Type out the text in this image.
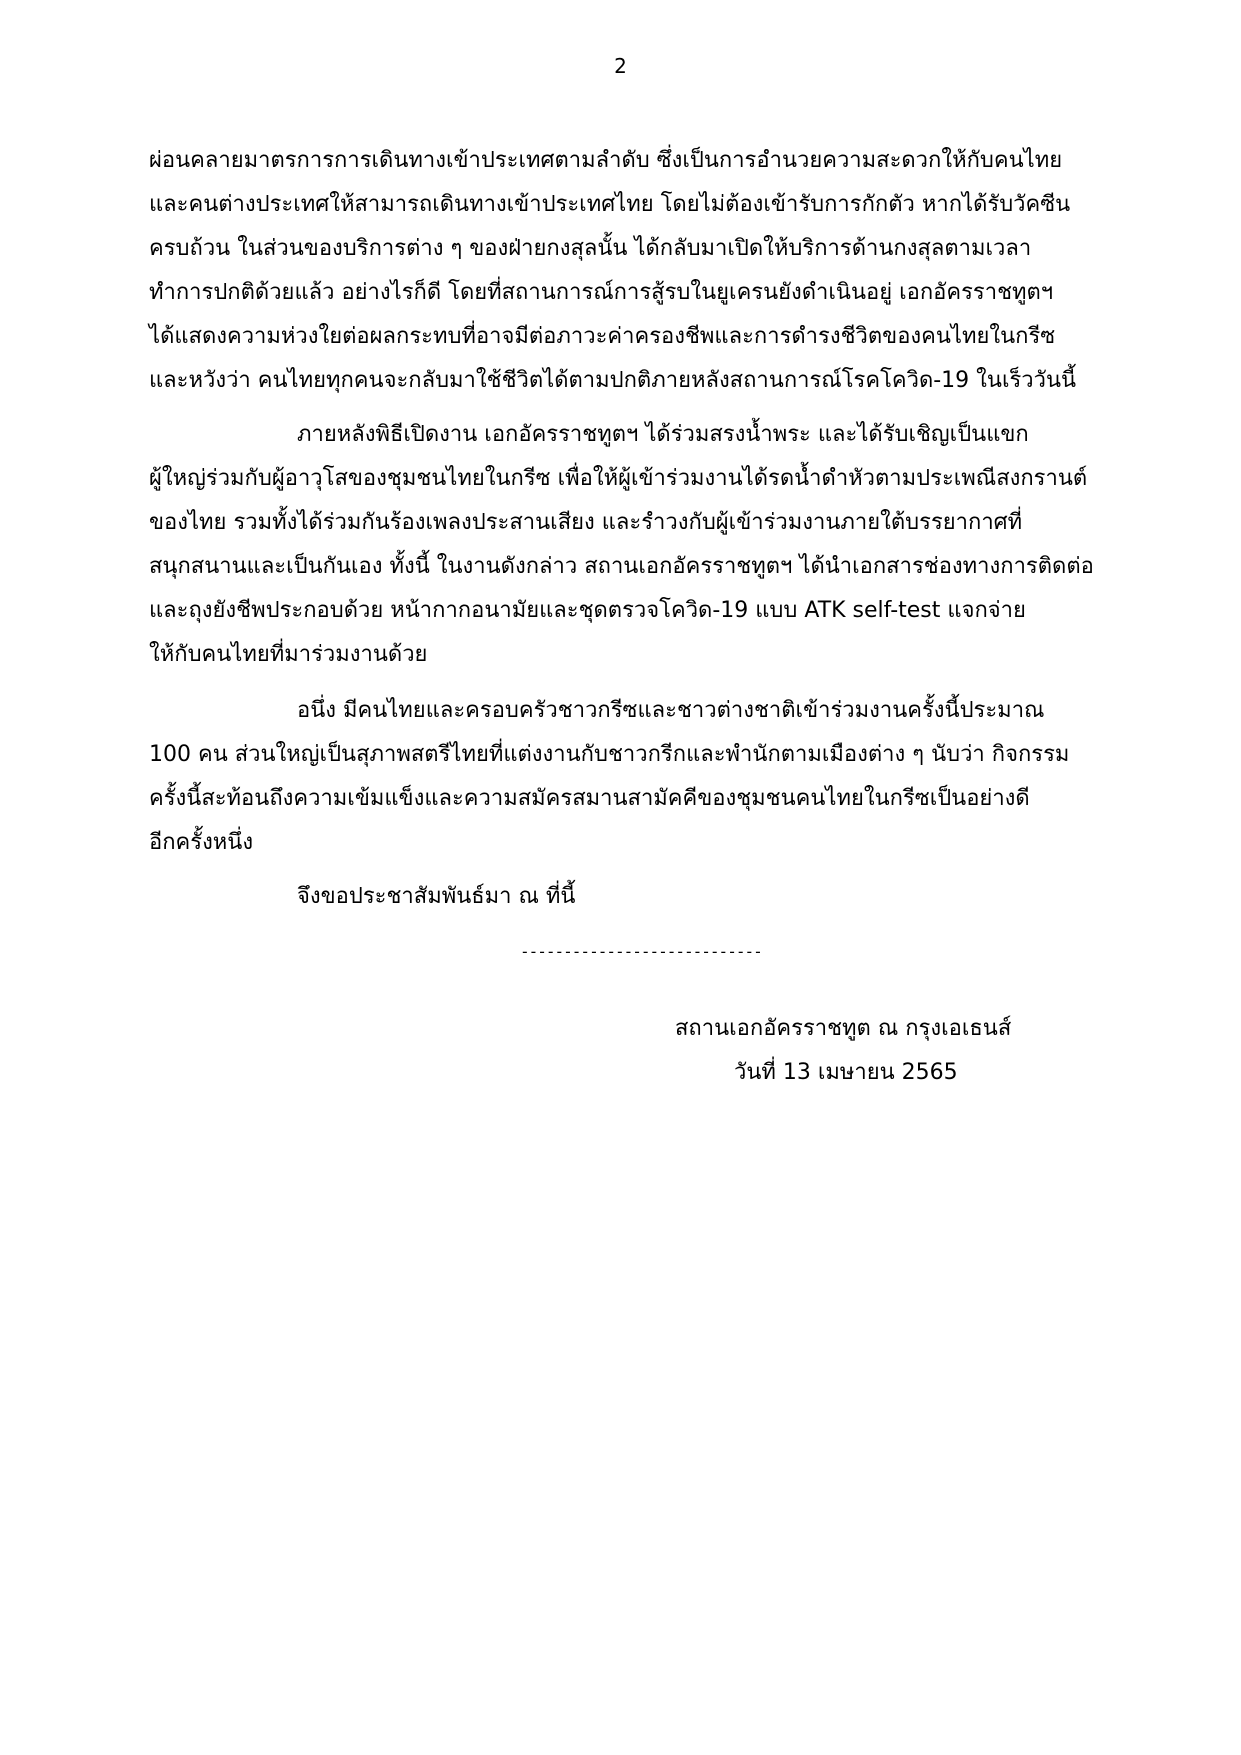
2
ผ่อนคลายมาตรการการเดินทางเข้าประเทศตามลำดับ ซึ่งเป็นการอำนวยความสะดวกให้กับคนไทย
และคนต่างประเทศให้สามารถเดินทางเข้าประเทศไทย โดยไม่ต้องเข้ารับการกักตัว หากได้รับวัคซีน
ครบถ้วน ในส่วนของบริการต่าง ๆ ของฝ่ายกงสุลนั้น ได้กลับมาเปิดให้บริการด้านกงสุลตามเวลา
ทำการปกติด้วยแล้ว อย่างไรก็ดี โดยที่สถานการณ์การสู้รบในยูเครนยังดำเนินอยู่ เอกอัครราชทูตฯ
ได้แสดงความห่วงใยต่อผลกระทบที่อาจมีต่อภาวะค่าครองชีพและการดำรงชีวิตของคนไทยในกรีซ
และหวังว่า คนไทยทุกคนจะกลับมาใช้ชีวิตได้ตามปกติภายหลังสถานการณ์โรคโควิด-19 ในเร็ววันนี้
ภายหลังพิธีเปิดงาน เอกอัครราชทูตฯ ได้ร่วมสรงน้ำพระ และได้รับเชิญเป็นแขก
ผู้ใหญ่ร่วมกับผู้อาวุโสของชุมชนไทยในกรีซ เพื่อให้ผู้เข้าร่วมงานได้รดน้ำดำหัวตามประเพณีสงกรานต์
ของไทย รวมทั้งได้ร่วมกันร้องเพลงประสานเสียง และรำวงกับผู้เข้าร่วมงานภายใต้บรรยากาศที่
สนุกสนานและเป็นกันเอง ทั้งนี้ ในงานดังกล่าว สถานเอกอัครราชทูตฯ ได้นำเอกสารช่องทางการติดต่อ
และถุงยังชีพประกอบด้วย หน้ากากอนามัยและชุดตรวจโควิด-19 แบบ ATK self-test แจกจ่าย
ให้กับคนไทยที่มาร่วมงานด้วย
อนึ่ง มีคนไทยและครอบครัวชาวกรีซและชาวต่างชาติเข้าร่วมงานครั้งนี้ประมาณ
100 คน ส่วนใหญ่เป็นสุภาพสตรีไทยที่แต่งงานกับชาวกรีกและพำนักตามเมืองต่าง ๆ นับว่า กิจกรรม
ครั้งนี้สะท้อนถึงความเข้มแข็งและความสมัครสมานสามัคคีของชุมชนคนไทยในกรีซเป็นอย่างดี
อีกครั้งหนึ่ง
จึงขอประชาสัมพันธ์มา ณ ที่นี้
----------------------------
สถานเอกอัครราชทูต ณ กรุงเอเธนส์
วันที่ 13 เมษายน 2565
